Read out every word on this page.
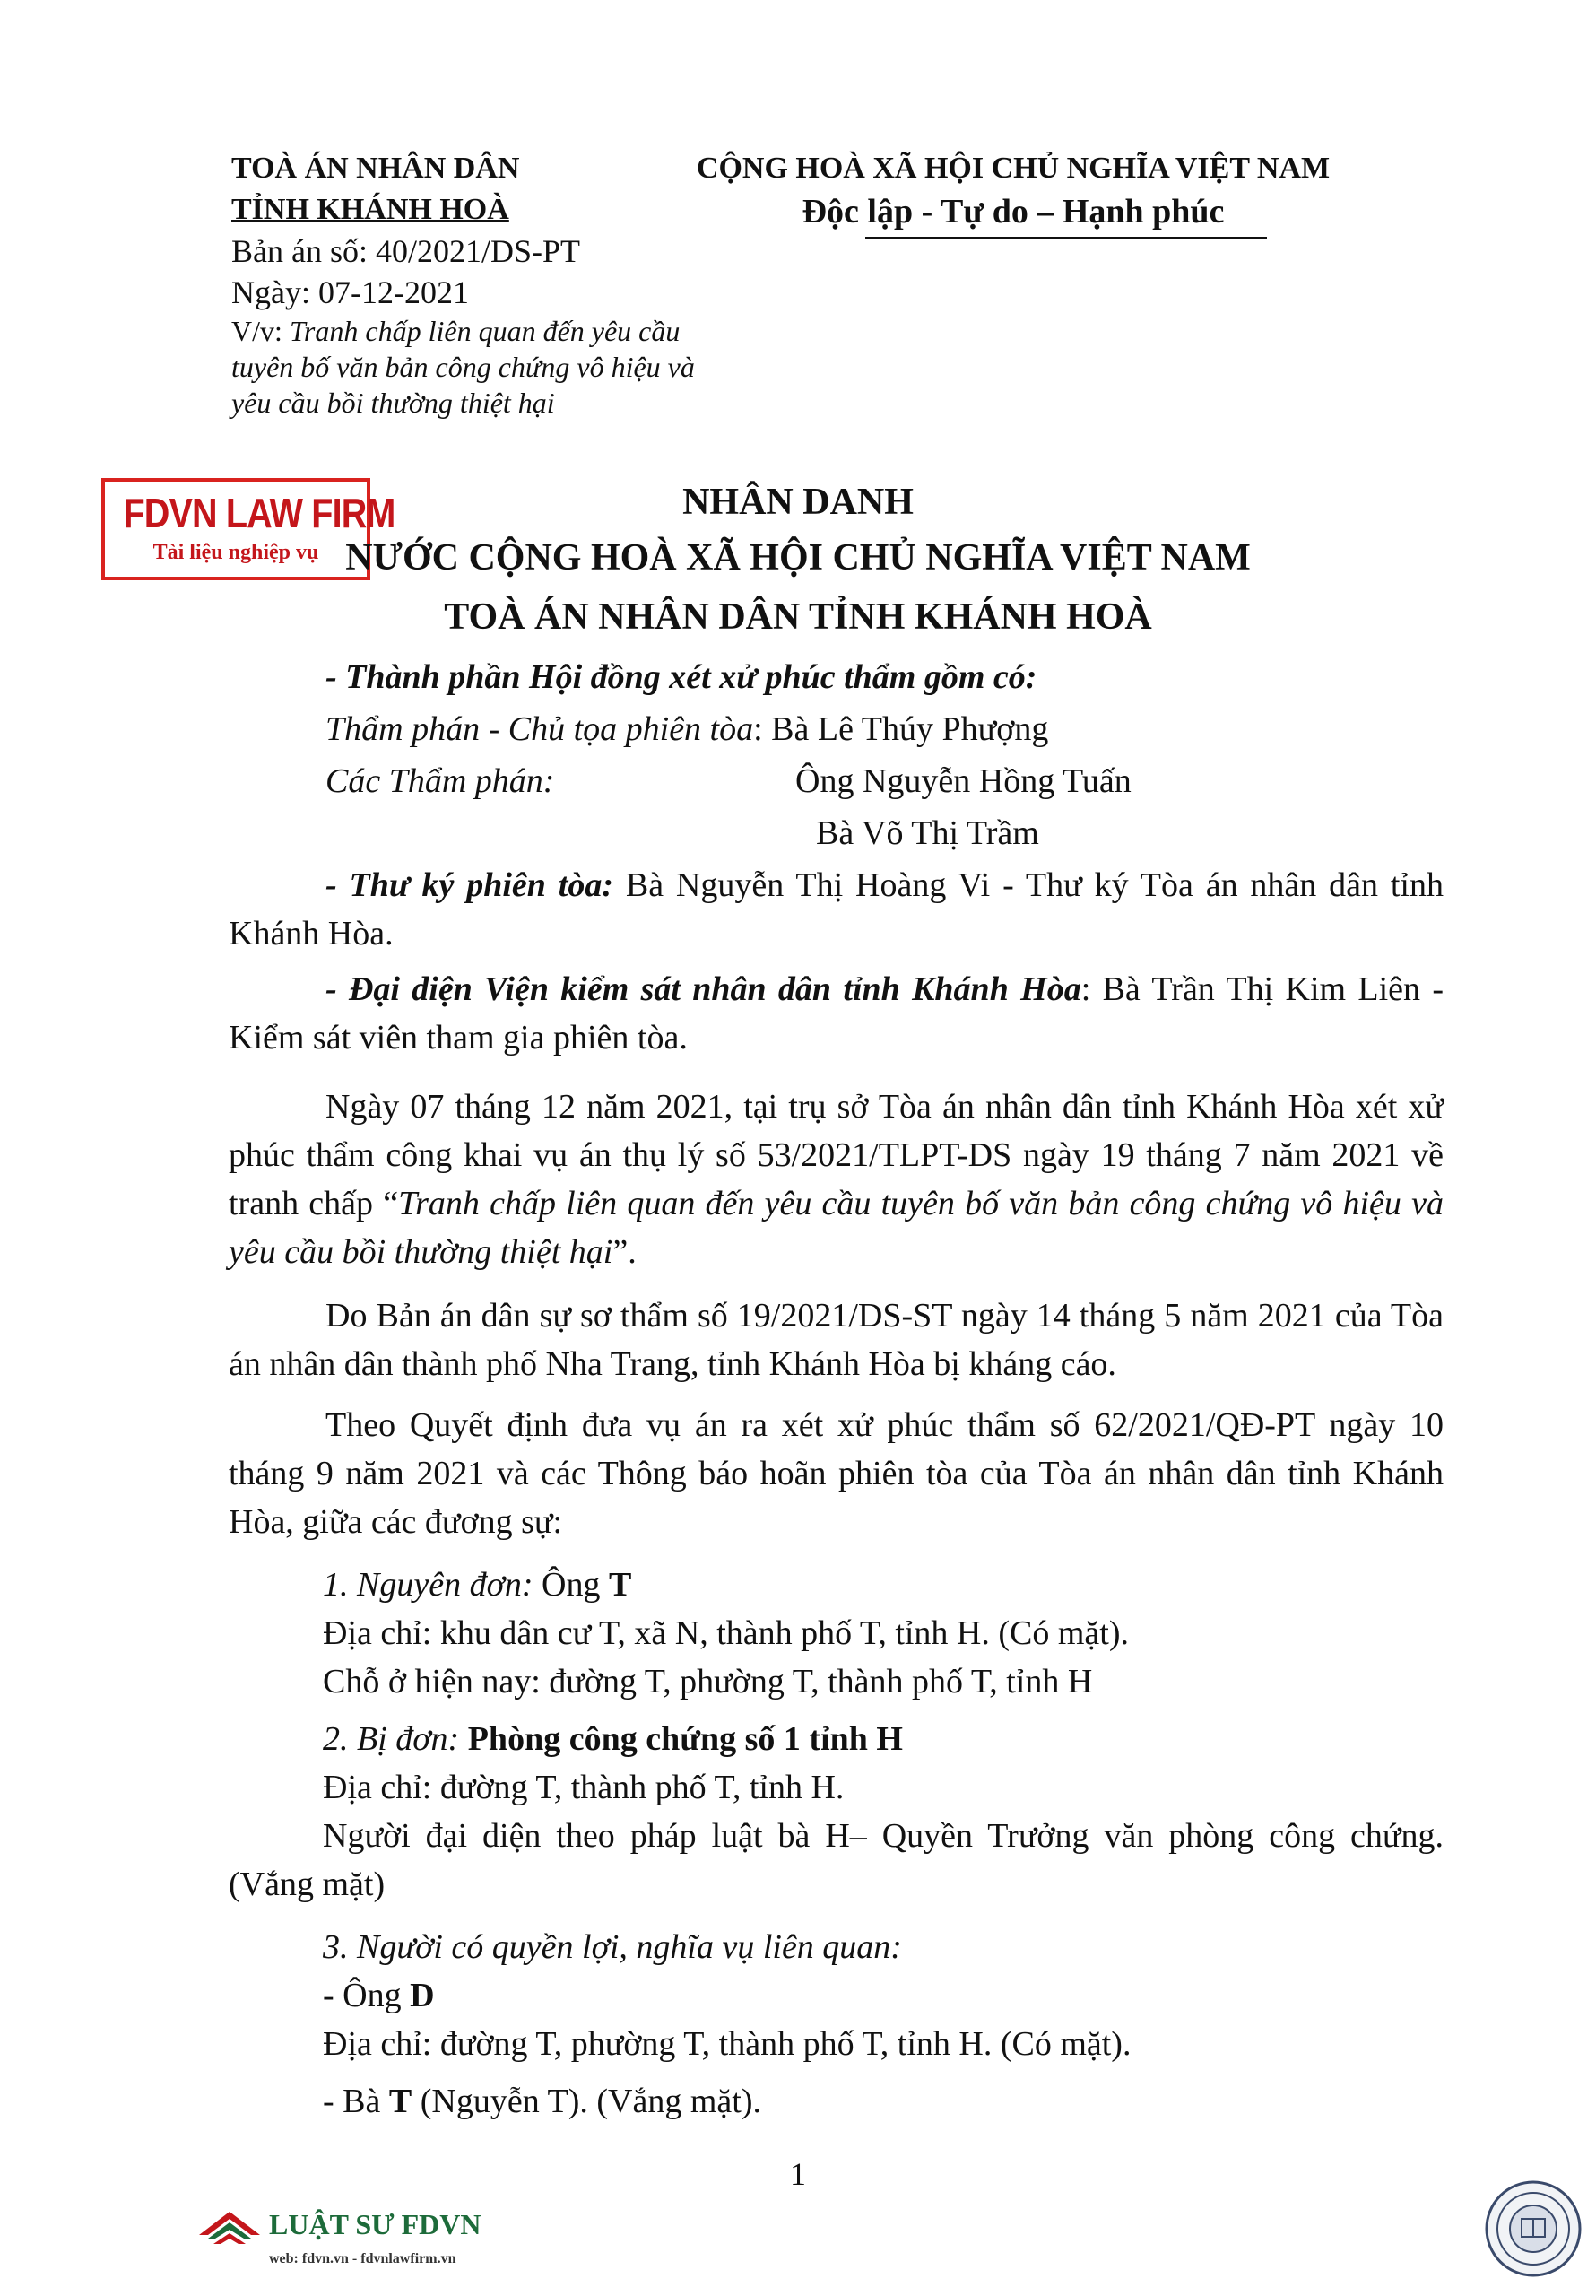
TOÀ ÁN NHÂN DÂN
TỈNH KHÁNH HOÀ
Bản án số: 40/2021/DS-PT
Ngày: 07-12-2021
V/v: Tranh chấp liên quan đến yêu cầu tuyên bố văn bản công chứng vô hiệu và yêu cầu bồi thường thiệt hại
CỘNG HOÀ XÃ HỘI CHỦ NGHĨA VIỆT NAM
Độc lập - Tự do – Hạnh phúc
FDVN LAW FIRM
Tài liệu nghiệp vụ
NHÂN DANH
NƯỚC CỘNG HOÀ XÃ HỘI CHỦ NGHĨA VIỆT NAM
TOÀ ÁN NHÂN DÂN TỈNH KHÁNH HOÀ
- Thành phần Hội đồng xét xử phúc thẩm gồm có:
Thẩm phán - Chủ tọa phiên tòa: Bà Lê Thúy Phượng
Các Thẩm phán:	Ông Nguyễn Hồng Tuấn
Bà Võ Thị Trầm
- Thư ký phiên tòa: Bà Nguyễn Thị Hoàng Vi - Thư ký Tòa án nhân dân tỉnh Khánh Hòa.
- Đại diện Viện kiểm sát nhân dân tỉnh Khánh Hòa: Bà Trần Thị Kim Liên - Kiểm sát viên tham gia phiên tòa.
Ngày 07 tháng 12 năm 2021, tại trụ sở Tòa án nhân dân tỉnh Khánh Hòa xét xử phúc thẩm công khai vụ án thụ lý số 53/2021/TLPT-DS ngày 19 tháng 7 năm 2021 về tranh chấp “Tranh chấp liên quan đến yêu cầu tuyên bố văn bản công chứng vô hiệu và yêu cầu bồi thường thiệt hại”.
Do Bản án dân sự sơ thẩm số 19/2021/DS-ST ngày 14 tháng 5 năm 2021 của Tòa án nhân dân thành phố Nha Trang, tỉnh Khánh Hòa bị kháng cáo.
Theo Quyết định đưa vụ án ra xét xử phúc thẩm số 62/2021/QĐ-PT ngày 10 tháng 9 năm 2021 và các Thông báo hoãn phiên tòa của Tòa án nhân dân tỉnh Khánh Hòa, giữa các đương sự:
1. Nguyên đơn: Ông T
Địa chỉ: khu dân cư T, xã N, thành phố T, tỉnh H. (Có mặt).
Chỗ ở hiện nay: đường T, phường T, thành phố T, tỉnh H
2. Bị đơn: Phòng công chứng số 1 tỉnh H
Địa chỉ: đường T, thành phố T, tỉnh H.
Người đại diện theo pháp luật bà H– Quyền Trưởng văn phòng công chứng. (Vắng mặt)
3. Người có quyền lợi, nghĩa vụ liên quan:
- Ông D
Địa chỉ: đường T, phường T, thành phố T, tỉnh H. (Có mặt).
- Bà T (Nguyễn T). (Vắng mặt).
1
LUẬT SƯ FDVN
web: fdvn.vn - fdvnlawfirm.vn
